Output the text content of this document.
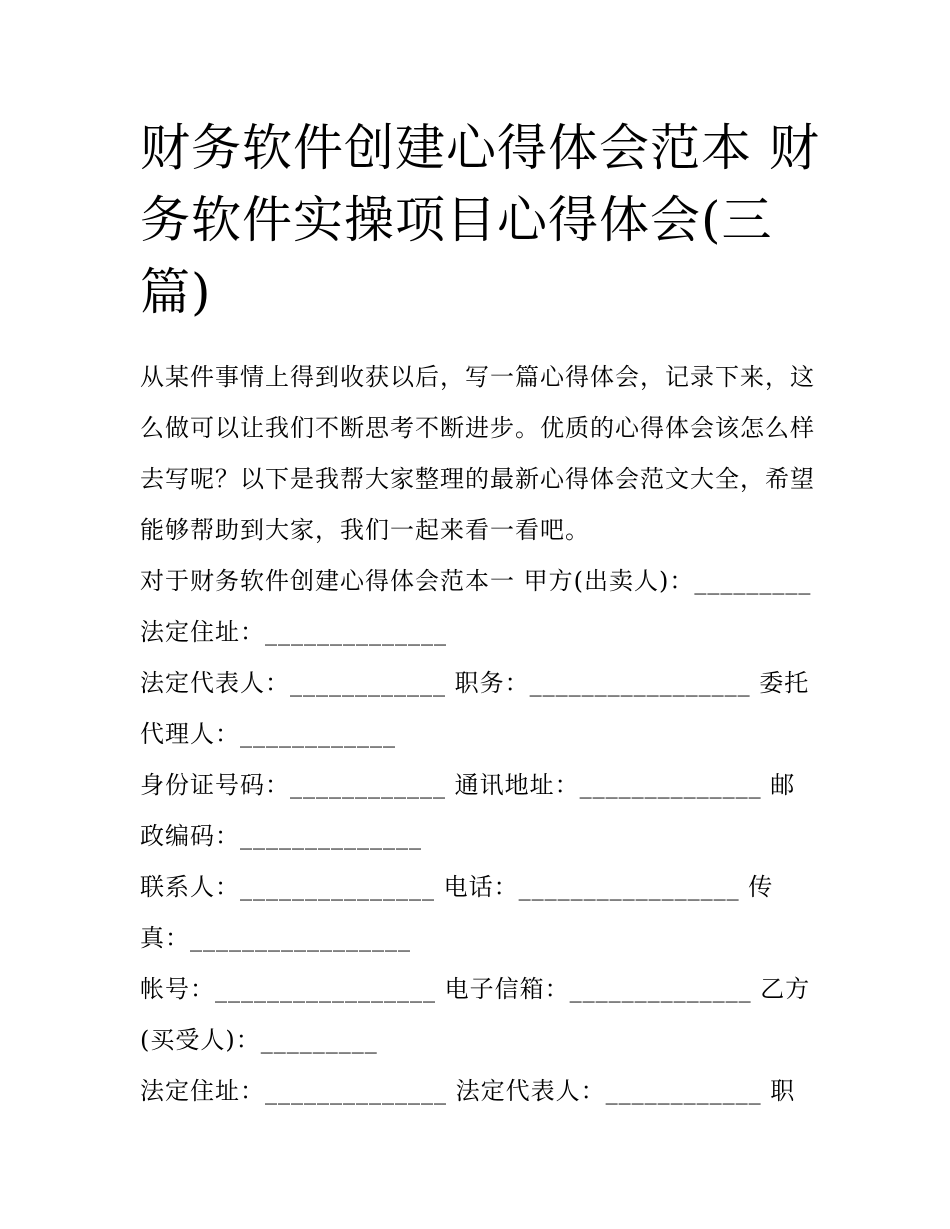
财务软件创建心得体会范本 财务软件实操项目心得体会(三篇)

从某件事情上得到收获以后，写一篇心得体会，记录下来，这么做可以让我们不断思考不断进步。优质的心得体会该怎么样去写呢？以下是我帮大家整理的最新心得体会范文大全，希望能够帮助到大家，我们一起来看一看吧。

对于财务软件创建心得体会范本一 甲方(出卖人)：_________

法定住址：______________

法定代表人：____________ 职务：_________________ 委托代理人：____________

身份证号码：____________ 通讯地址：______________ 邮政编码：______________

联系人：_______________ 电话：_________________ 传真：_________________

帐号：_________________ 电子信箱：______________ 乙方(买受人)：_________

法定住址：______________ 法定代表人：____________ 职
